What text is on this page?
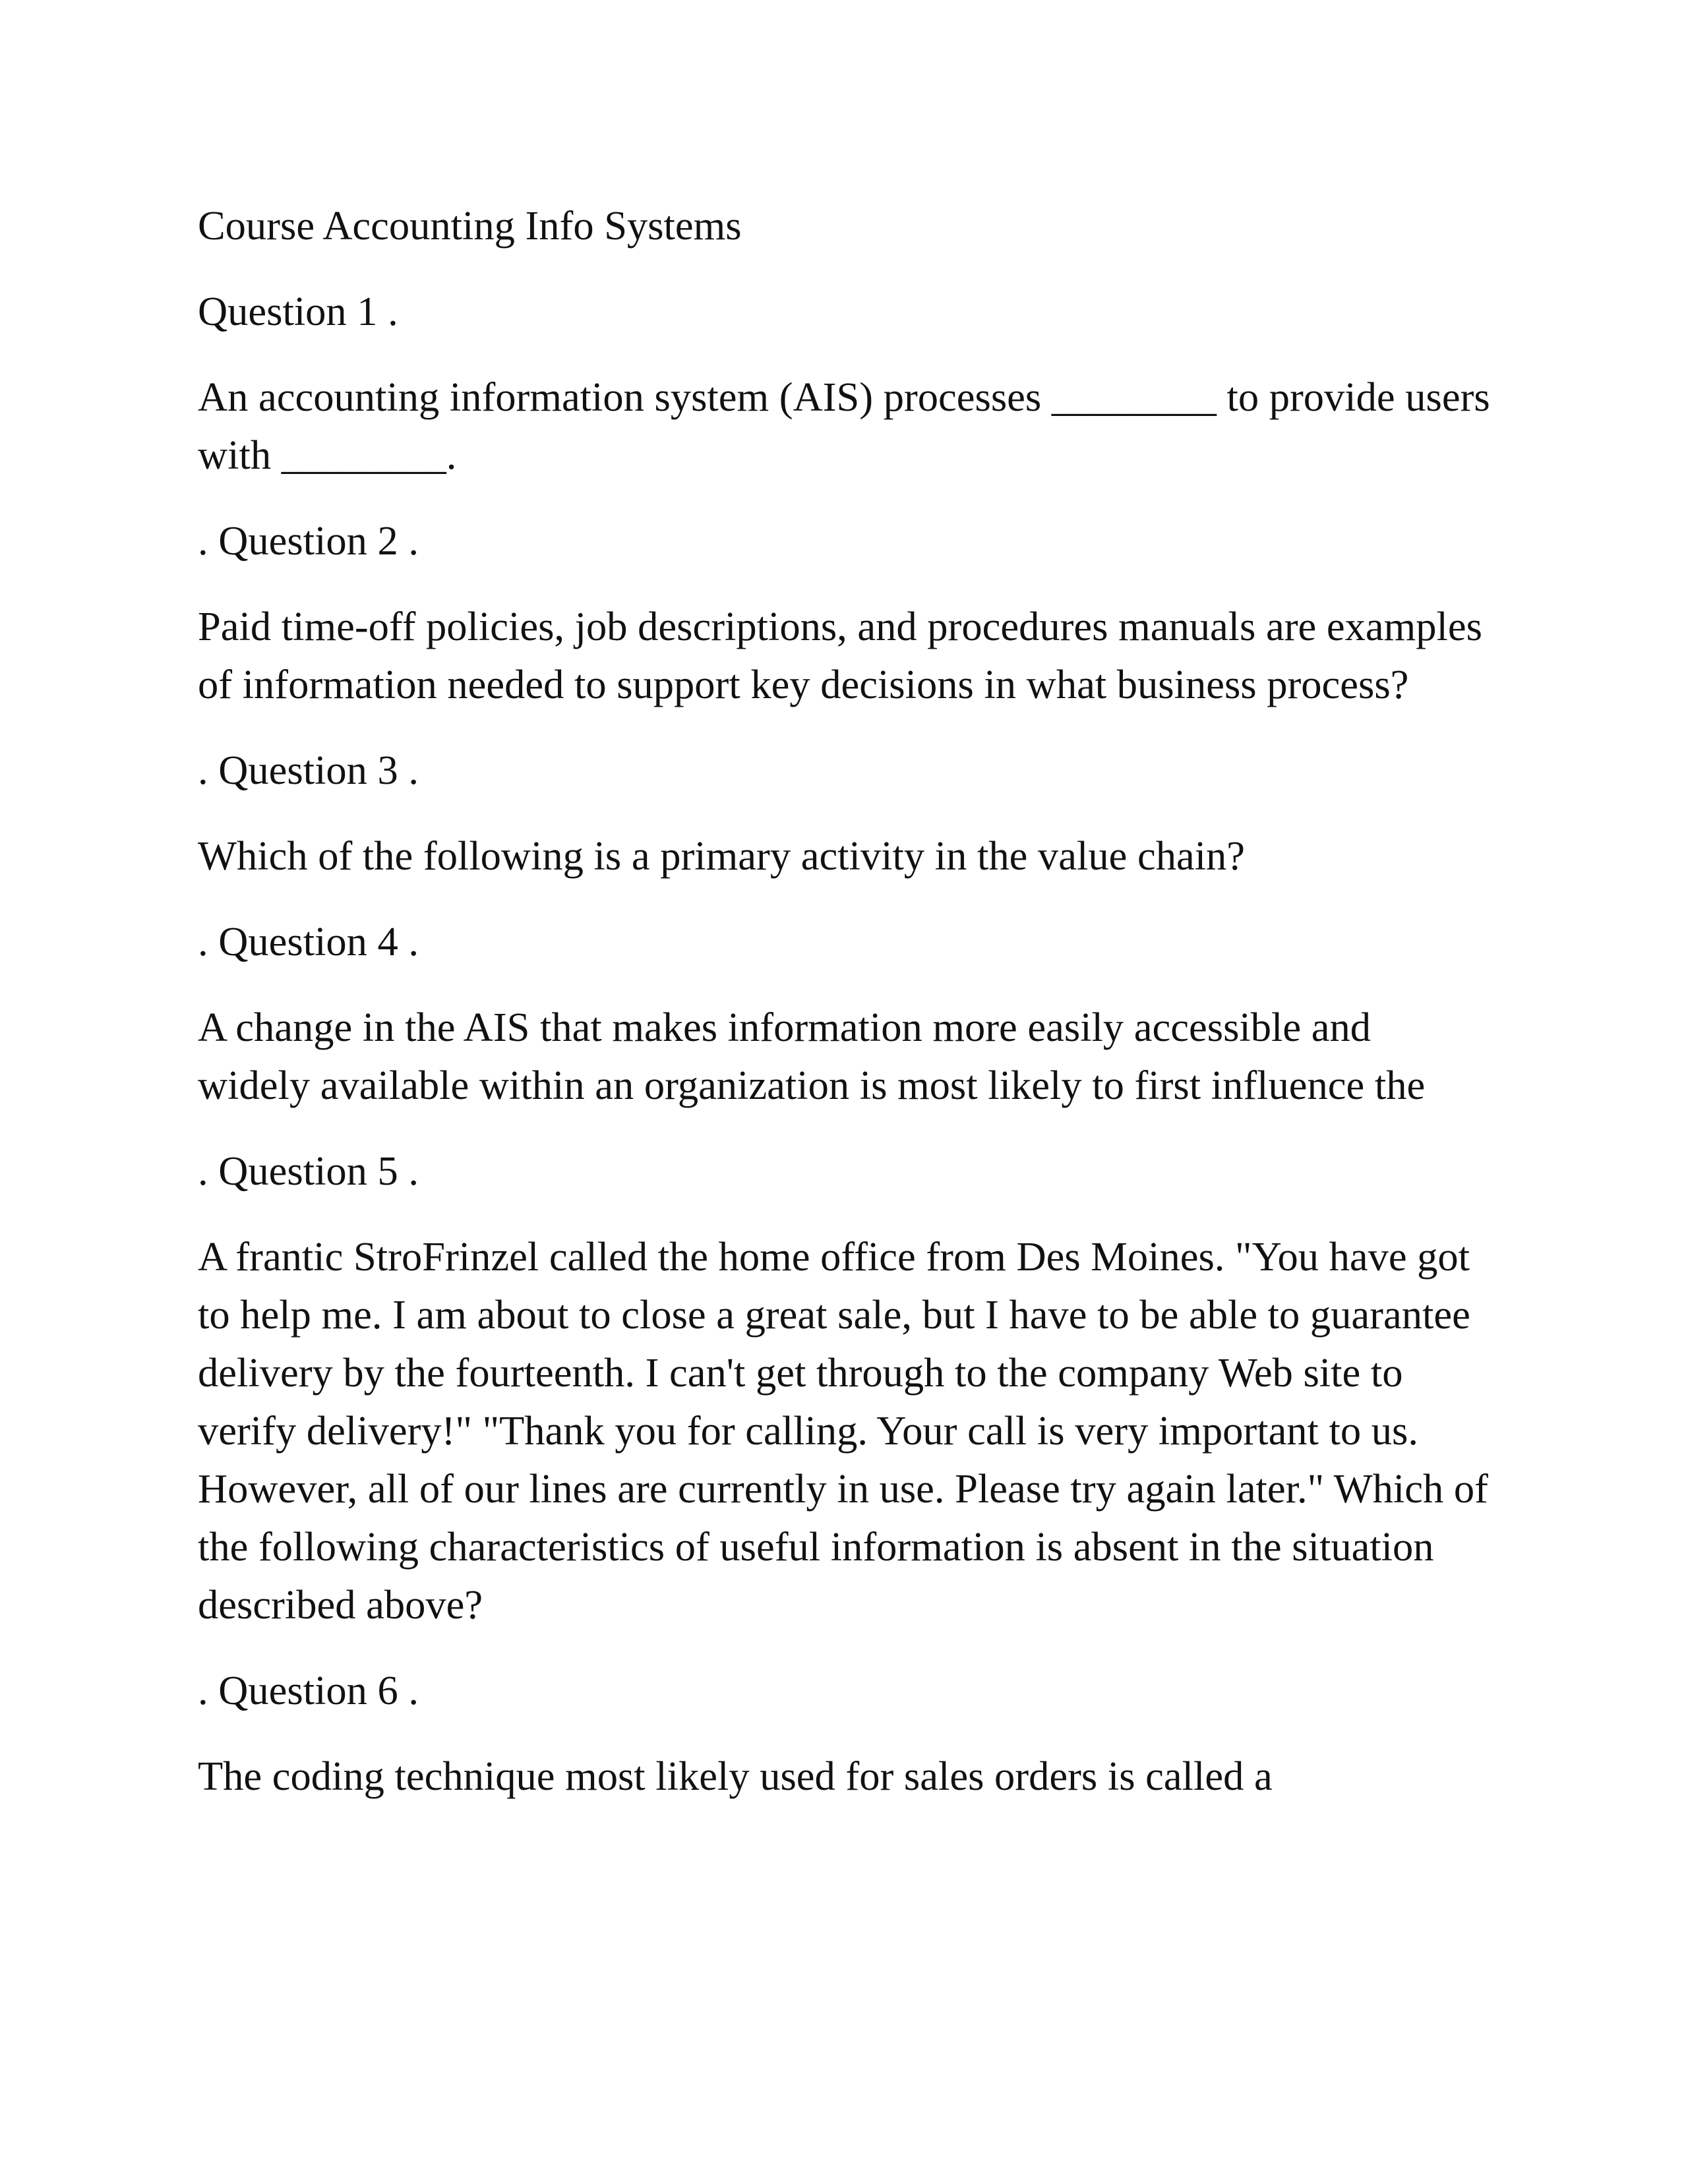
Course Accounting Info Systems
Question 1 .
An accounting information system (AIS) processes ________ to provide users with ________.
. Question 2 .
Paid time-off policies, job descriptions, and procedures manuals are examples of information needed to support key decisions in what business process?
. Question 3 .
Which of the following is a primary activity in the value chain?
. Question 4 .
A change in the AIS that makes information more easily accessible and widely available within an organization is most likely to first influence the
. Question 5 .
A frantic StroFrinzel called the home office from Des Moines. "You have got to help me. I am about to close a great sale, but I have to be able to guarantee delivery by the fourteenth. I can't get through to the company Web site to verify delivery!" "Thank you for calling. Your call is very important to us. However, all of our lines are currently in use. Please try again later." Which of the following characteristics of useful information is absent in the situation described above?
. Question 6 .
The coding technique most likely used for sales orders is called a
